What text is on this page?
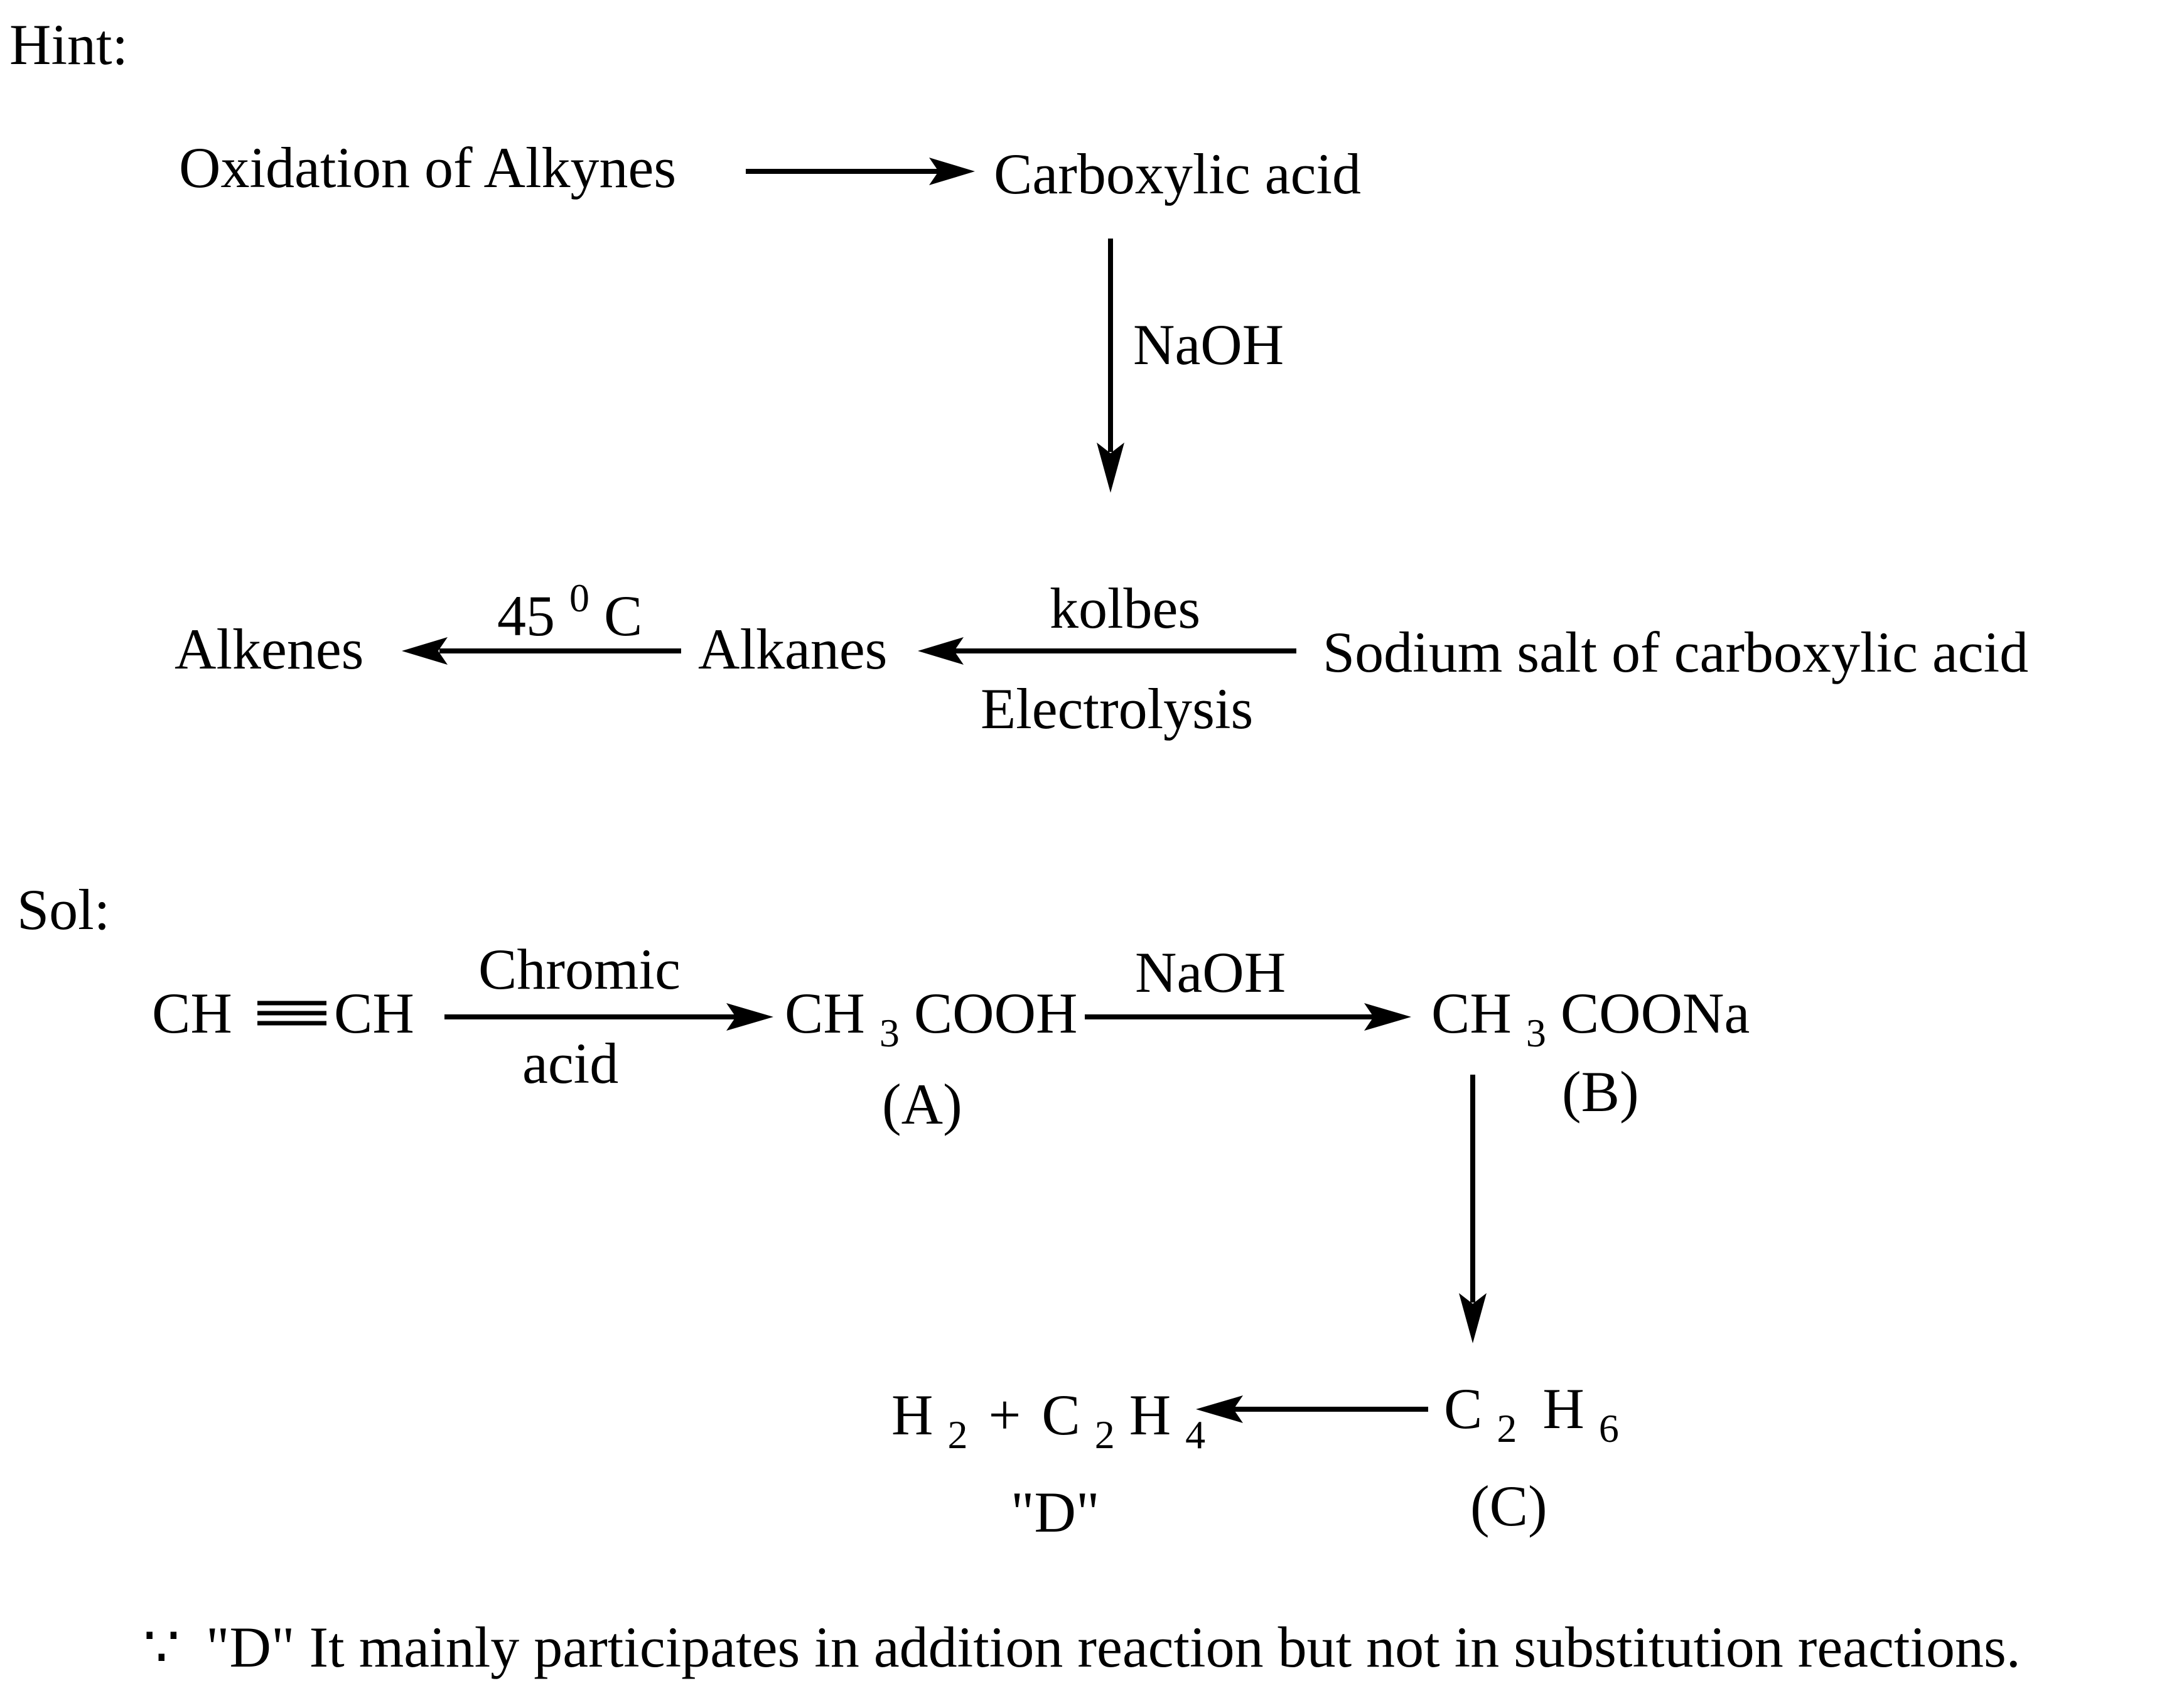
Hint:
Oxidation of Alkynes	Carboxylic acid
NaOH
Alkenes
45 $^0$ C
Alkanes
kolbes
Electrolysis
Sodium salt of carboxylic acid
Sol:
CH CH
Chromic
acid
CH $_3$ COOH
(A)
NaOH
CH $_3$ COONa
(B)
C $_2$ H $_6$
(C)
H $_2$ + C $_2$ H $_4$
"D"
∵ "D" It mainly participates in addition reaction but not in substitution reactions.
